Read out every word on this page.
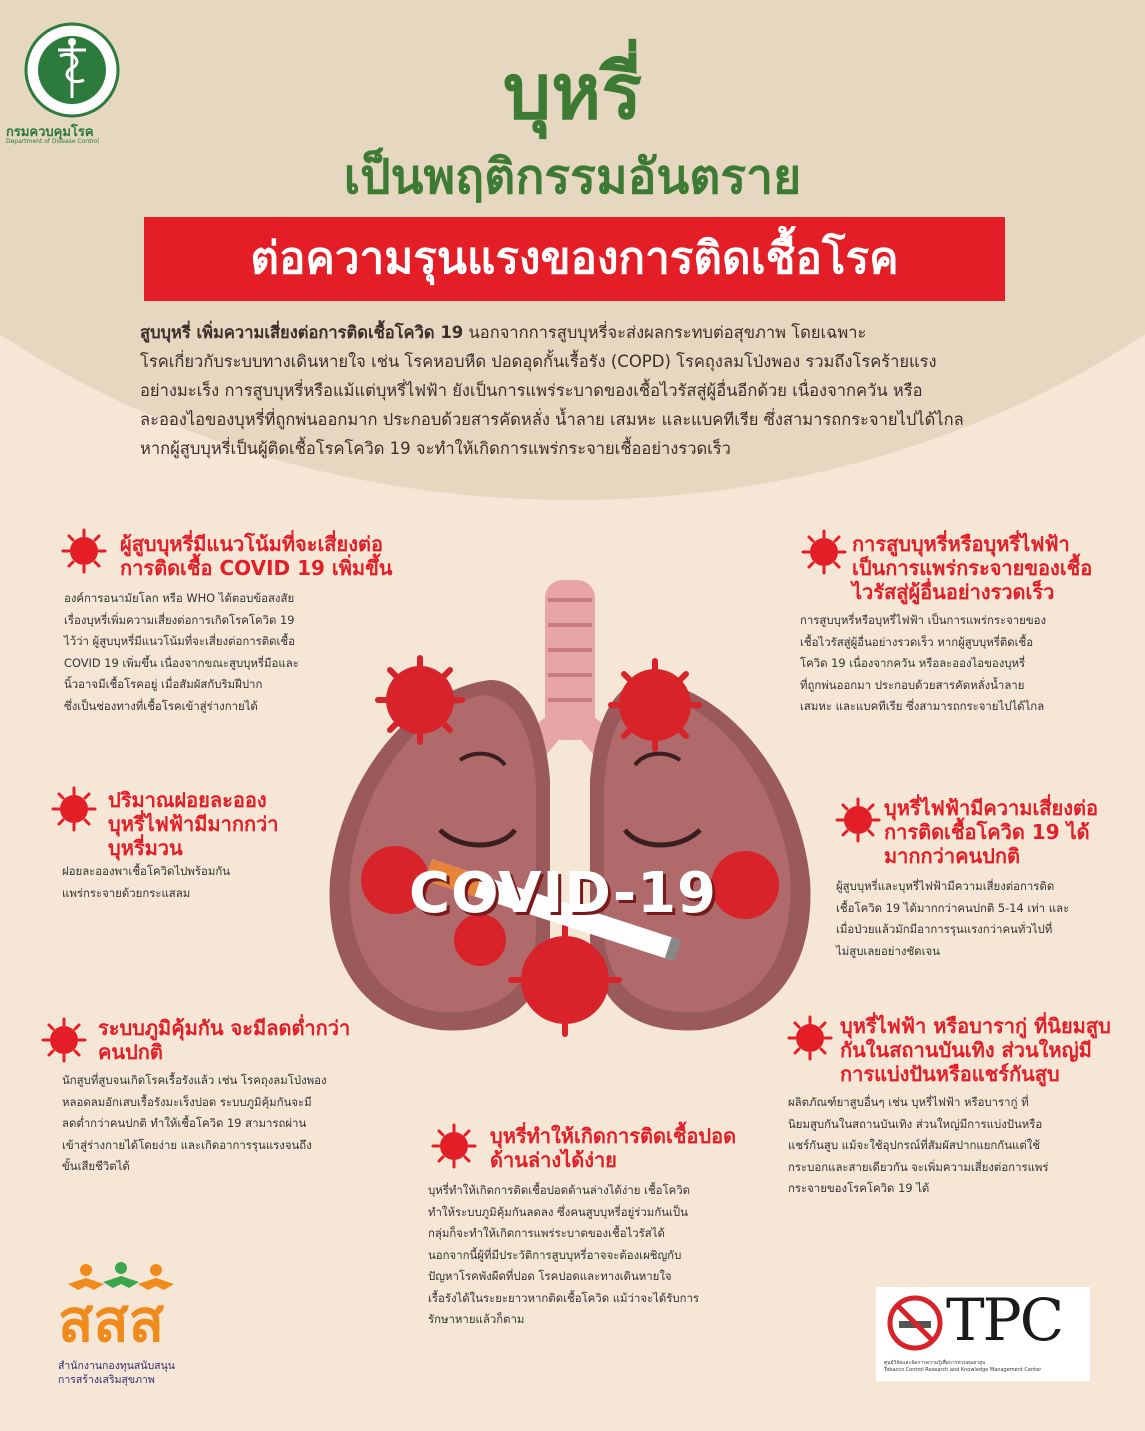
กรมควบคุมโรค
Department of Disease Control
บุหรี่
เป็นพฤติกรรมอันตราย
ต่อความรุนแรงของการติดเชื้อโรค
สูบบุหรี่ เพิ่มความเสี่ยงต่อการติดเชื้อโควิด 19 นอกจากการสูบบุหรี่จะส่งผลกระทบต่อสุขภาพ โดยเฉพาะ
โรคเกี่ยวกับระบบทางเดินหายใจ เช่น โรคหอบหืด ปอดอุดกั้นเรื้อรัง (COPD) โรคถุงลมโป่งพอง รวมถึงโรคร้ายแรง
อย่างมะเร็ง การสูบบุหรี่หรือแม้แต่บุหรี่ไฟฟ้า ยังเป็นการแพร่ระบาดของเชื้อไวรัสสู่ผู้อื่นอีกด้วย เนื่องจากควัน หรือ
ละอองไอของบุหรี่ที่ถูกพ่นออกมาก ประกอบด้วยสารคัดหลั่ง น้ำลาย เสมหะ และแบคทีเรีย ซึ่งสามารถกระจายไปได้ไกล
หากผู้สูบบุหรี่เป็นผู้ติดเชื้อโรคโควิด 19 จะทำให้เกิดการแพร่กระจายเชื้ออย่างรวดเร็ว
COVID-19
ผู้สูบบุหรี่มีแนวโน้มที่จะเสี่ยงต่อ
การติดเชื้อ COVID 19 เพิ่มขึ้น
องค์การอนามัยโลก หรือ WHO ได้ตอบข้อสงสัย
เรื่องบุหรี่เพิ่มความเสี่ยงต่อการเกิดโรคโควิด 19
ไว้ว่า ผู้สูบบุหรี่มีแนวโน้มที่จะเสี่ยงต่อการติดเชื้อ
COVID 19 เพิ่มขึ้น เนื่องจากขณะสูบบุหรี่มือและ
นิ้วอาจมีเชื้อโรคอยู่ เมื่อสัมผัสกับริมฝีปาก
ซึ่งเป็นช่องทางที่เชื้อโรคเข้าสู่ร่างกายได้
ปริมาณฝอยละออง
บุหรี่ไฟฟ้ามีมากกว่า
บุหรี่มวน
ฝอยละอองพาเชื้อโควิดไปพร้อมกัน
แพร่กระจายด้วยกระแสลม
ระบบภูมิคุ้มกัน จะมีลดต่ำกว่า
คนปกติ
นักสูบที่สูบจนเกิดโรคเรื้อรังแล้ว เช่น โรคถุงลมโป่งพอง
หลอดลมอักเสบเรื้อรังมะเร็งปอด ระบบภูมิคุ้มกันจะมี
ลดต่ำกว่าคนปกติ ทำให้เชื้อโควิด 19 สามารถผ่าน
เข้าสู่ร่างกายได้โดยง่าย และเกิดอาการรุนแรงจนถึง
ขั้นเสียชีวิตได้
บุหรี่ทำให้เกิดการติดเชื้อปอด
ด้านล่างได้ง่าย
บุหรี่ทำให้เกิดการติดเชื้อปอดด้านล่างได้ง่าย เชื้อโควิด
ทำให้ระบบภูมิคุ้มกันลดลง ซึ่งคนสูบบุหรี่อยู่ร่วมกันเป็น
กลุ่มก็จะทำให้เกิดการแพร่ระบาดของเชื้อไวรัสได้
นอกจากนี้ผู้ที่มีประวัติการสูบบุหรี่อาจจะต้องเผชิญกับ
ปัญหาโรคพังผืดที่ปอด โรคปอดและทางเดินหายใจ
เรื้อรังได้ในระยะยาวหากติดเชื้อโควิด แม้ว่าจะได้รับการ
รักษาหายแล้วก็ตาม
การสูบบุหรี่หรือบุหรี่ไฟฟ้า
เป็นการแพร่กระจายของเชื้อ
ไวรัสสู่ผู้อื่นอย่างรวดเร็ว
การสูบบุหรี่หรือบุหรี่ไฟฟ้า เป็นการแพร่กระจายของ
เชื้อไวรัสสู่ผู้อื่นอย่างรวดเร็ว หากผู้สูบบุหรี่ติดเชื้อ
โควิด 19 เนื่องจากควัน หรือละอองไอของบุหรี่
ที่ถูกพ่นออกมา ประกอบด้วยสารคัดหลั่งน้ำลาย
เสมหะ และแบคทีเรีย ซึ่งสามารถกระจายไปได้ไกล
บุหรี่ไฟฟ้ามีความเสี่ยงต่อ
การติดเชื้อโควิด 19 ได้
มากกว่าคนปกติ
ผู้สูบบุหรี่และบุหรี่ไฟฟ้ามีความเสี่ยงต่อการติด
เชื้อโควิด 19 ได้มากกว่าคนปกติ 5-14 เท่า และ
เมื่อป่วยแล้วมักมีอาการรุนแรงกว่าคนทั่วไปที่
ไม่สูบเลยอย่างชัดเจน
บุหรี่ไฟฟ้า หรือบารากู่ ที่นิยมสูบ
กันในสถานบันเทิง ส่วนใหญ่มี
การแบ่งปันหรือแชร์กันสูบ
ผลิตภัณฑ์ยาสูบอื่นๆ เช่น บุหรี่ไฟฟ้า หรือบารากู่ ที่
นิยมสูบกันในสถานบันเทิง ส่วนใหญ่มีการแบ่งปันหรือ
แชร์กันสูบ แม้จะใช้อุปกรณ์ที่สัมผัสปากแยกกันแต่ใช้
กระบอกและสายเดียวกัน จะเพิ่มความเสี่ยงต่อการแพร่
กระจายของโรคโควิด 19 ได้
สสส
สำนักงานกองทุนสนับสนุน
การสร้างเสริมสุขภาพ
TPC
ศูนย์วิจัยและจัดการความรู้เพื่อการควบคุมยาสูบ
Tobacco Control Research and Knowledge Management Center
